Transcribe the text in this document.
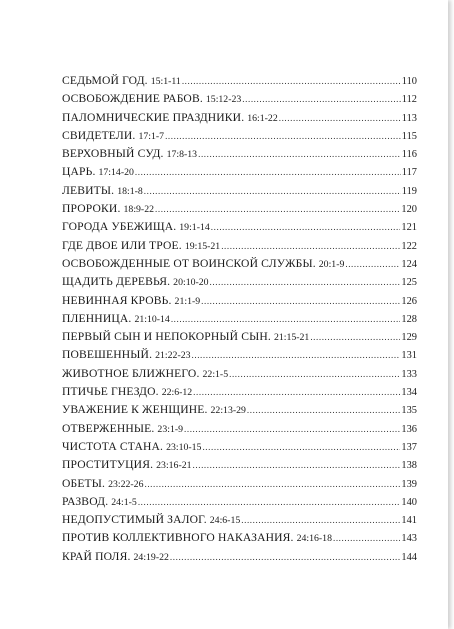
СЕДЬМОЙ ГОД. 15:1-11 .....	110
ОСВОБОЖДЕНИЕ РАБОВ. 15:12-23 .....	112
ПАЛОМНИЧЕСКИЕ ПРАЗДНИКИ. 16:1-22 .....	113
СВИДЕТЕЛИ. 17:1-7 .....	115
ВЕРХОВНЫЙ СУД. 17:8-13 .....	116
ЦАРЬ. 17:14-20 .....	117
ЛЕВИТЫ. 18:1-8 .....	119
ПРОРОКИ. 18:9-22 .....	120
ГОРОДА УБЕЖИЩА. 19:1-14 .....	121
ГДЕ ДВОЕ ИЛИ ТРОЕ. 19:15-21 .....	122
ОСВОБОЖДЕННЫЕ ОТ ВОИНСКОЙ СЛУЖБЫ. 20:1-9 .....	124
ЩАДИТЬ ДЕРЕВЬЯ. 20:10-20 .....	125
НЕВИННАЯ КРОВЬ. 21:1-9 .....	126
ПЛЕННИЦА. 21:10-14 .....	128
ПЕРВЫЙ СЫН И НЕПОКОРНЫЙ СЫН. 21:15-21 .....	129
ПОВЕШЕННЫЙ. 21:22-23 .....	131
ЖИВОТНОЕ БЛИЖНЕГО. 22:1-5 .....	133
ПТИЧЬЕ ГНЕЗДО. 22:6-12 .....	134
УВАЖЕНИЕ К ЖЕНЩИНЕ. 22:13-29 .....	135
ОТВЕРЖЕННЫЕ. 23:1-9 .....	136
ЧИСТОТА СТАНА. 23:10-15 .....	137
ПРОСТИТУЦИЯ. 23:16-21 .....	138
ОБЕТЫ. 23:22-26 .....	139
РАЗВОД. 24:1-5 .....	140
НЕДОПУСТИМЫЙ ЗАЛОГ. 24:6-15 .....	141
ПРОТИВ КОЛЛЕКТИВНОГО НАКАЗАНИЯ. 24:16-18 .....	143
КРАЙ ПОЛЯ. 24:19-22 .....	144
